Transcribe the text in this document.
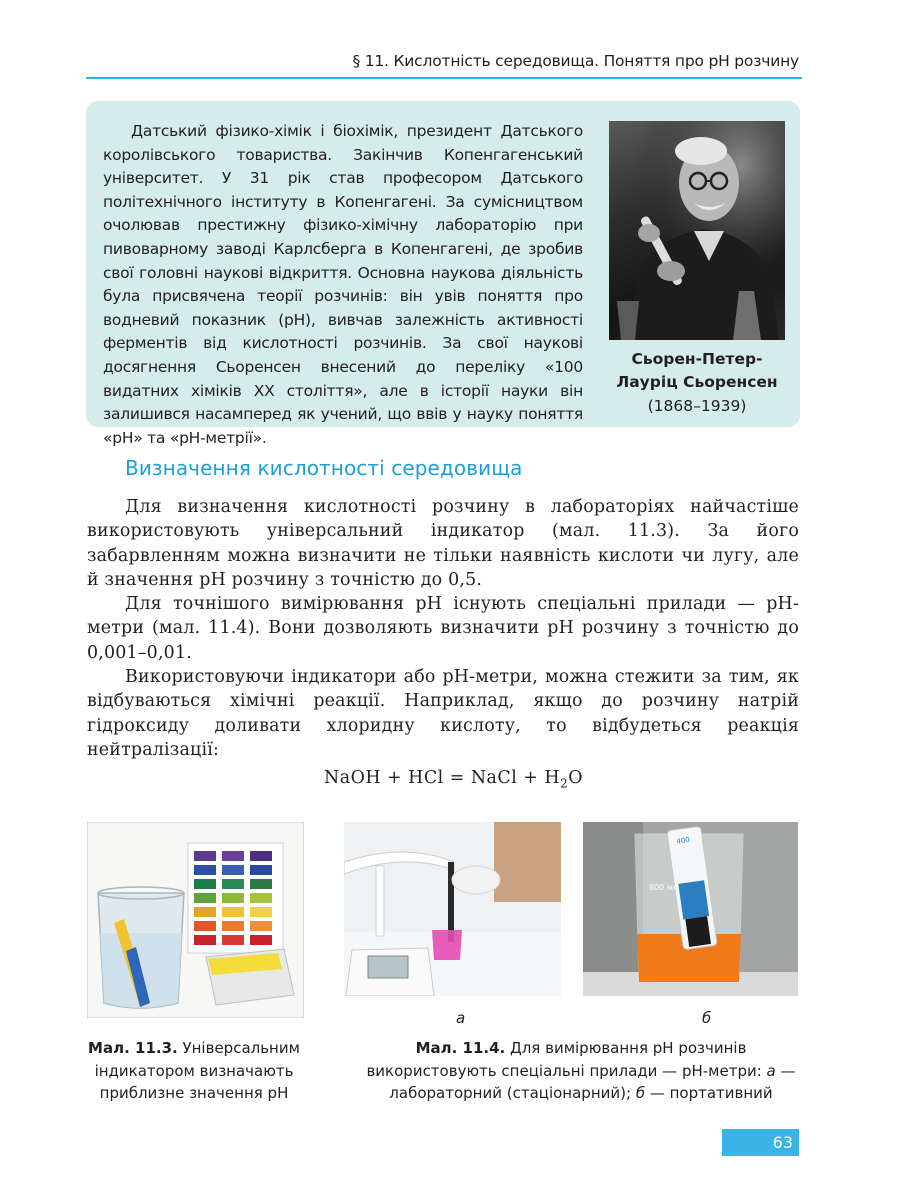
§ 11. Кислотність середовища. Поняття про pH розчину

Датський фізико-хімік і біохімік, президент Датського королівського товариства. Закінчив Копенгагенський університет. У 31 рік став професором Датського політехнічного інституту в Копенгагені. За сумісництвом очолював престижну фізико-хімічну лабораторію при пивоварному заводі Карлсберга в Копенгагені, де зробив свої головні наукові відкриття. Основна наукова діяльність була присвячена теорії розчинів: він увів поняття про водневий показник (pH), вивчав залежність активності ферментів від кислотності розчинів. За свої наукові досягнення Сьоренсен внесений до переліку «100 видатних хіміків XX століття», але в історії науки він залишився насамперед як учений, що ввів у науку поняття «pH» та «pH-метрії».

Сьорен-Петер-
Лауріц Сьоренсен
(1868–1939)
Визначення кислотності середовища

Для визначення кислотності розчину в лабораторіях найчастіше використовують універсальний індикатор (мал. 11.3). За його забарвленням можна визначити не тільки наявність кислоти чи лугу, але й значення pH розчину з точністю до 0,5.

Для точнішого вимірювання pH існують спеціальні прилади — pH-метри (мал. 11.4). Вони дозволяють визначити pH розчину з точністю до 0,001–0,01.

Використовуючи індикатори або pH-метри, можна стежити за тим, як відбуваються хімічні реакції. Наприклад, якщо до розчину натрій гідроксиду доливати хлоридну кислоту, то відбудеться реакція нейтралізації:

NaOH + HCl = NaCl + $H_2O$
а
400
800 мл
б
Мал. 11.3. Універсальним індикатором визначають приблизне значення pH
Мал. 11.4. Для вимірювання pH розчинів використовують спеціальні прилади — pH-метри: а — лабораторний (стаціонарний); б — портативний
63
